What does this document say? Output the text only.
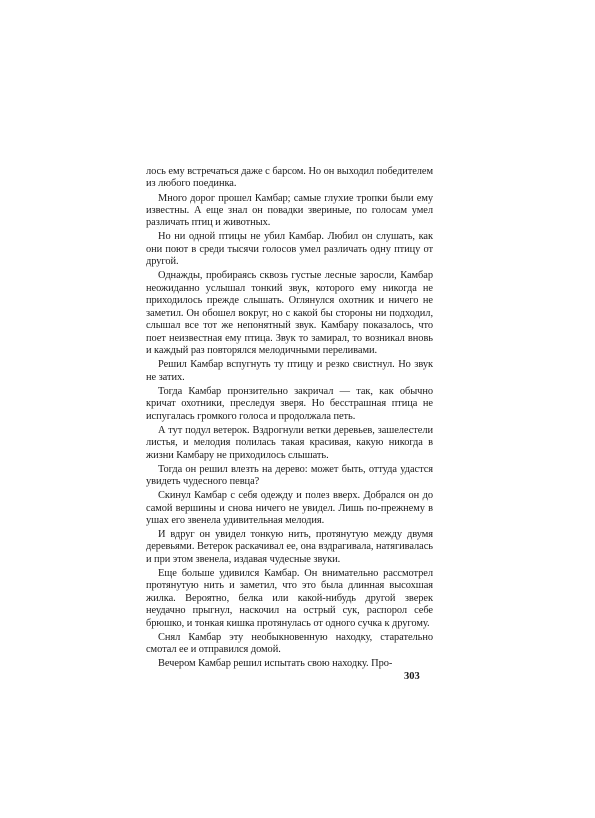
лось ему встречаться даже с барсом. Но он выходил победителем из любого поединка.

Много дорог прошел Камбар; самые глухие тропки были ему известны. А еще знал он повадки звериные, по голосам умел различать птиц и животных.

Но ни одной птицы не убил Камбар. Любил он слушать, как они поют в среди тысячи голосов умел различать одну птицу от другой.

Однажды, пробираясь сквозь густые лесные заросли, Камбар неожиданно услышал тонкий звук, которого ему никогда не приходилось прежде слышать. Оглянулся охотник и ничего не заметил. Он обошел вокруг, но с какой бы стороны ни подходил, слышал все тот же непонятный звук. Камбару показалось, что поет неизвестная ему птица. Звук то замирал, то возникал вновь и каждый раз повторялся мелодичными переливами.

Решил Камбар вспугнуть ту птицу и резко свистнул. Но звук не затих.

Тогда Камбар пронзительно закричал — так, как обычно кричат охотники, преследуя зверя. Но бесстрашная птица не испугалась громкого голоса и продолжала петь.

А тут подул ветерок. Вздрогнули ветки деревьев, зашелестели листья, и мелодия полилась такая красивая, какую никогда в жизни Камбару не приходилось слышать.

Тогда он решил влезть на дерево: может быть, оттуда удастся увидеть чудесного певца?

Скинул Камбар с себя одежду и полез вверх. Добрался он до самой вершины и снова ничего не увидел. Лишь по-прежнему в ушах его звенела удивительная мелодия.

И вдруг он увидел тонкую нить, протянутую между двумя деревьями. Ветерок раскачивал ее, она вздрагивала, натягивалась и при этом звенела, издавая чудесные звуки.

Еще больше удивился Камбар. Он внимательно рассмотрел протянутую нить и заметил, что это была длинная высохшая жилка. Вероятно, белка или какой-нибудь другой зверек неудачно прыгнул, наскочил на острый сук, распорол себе брюшко, и тонкая кишка протянулась от одного сучка к другому.

Снял Камбар эту необыкновенную находку, старательно смотал ее и отправился домой.

Вечером Камбар решил испытать свою находку. Про-

303
